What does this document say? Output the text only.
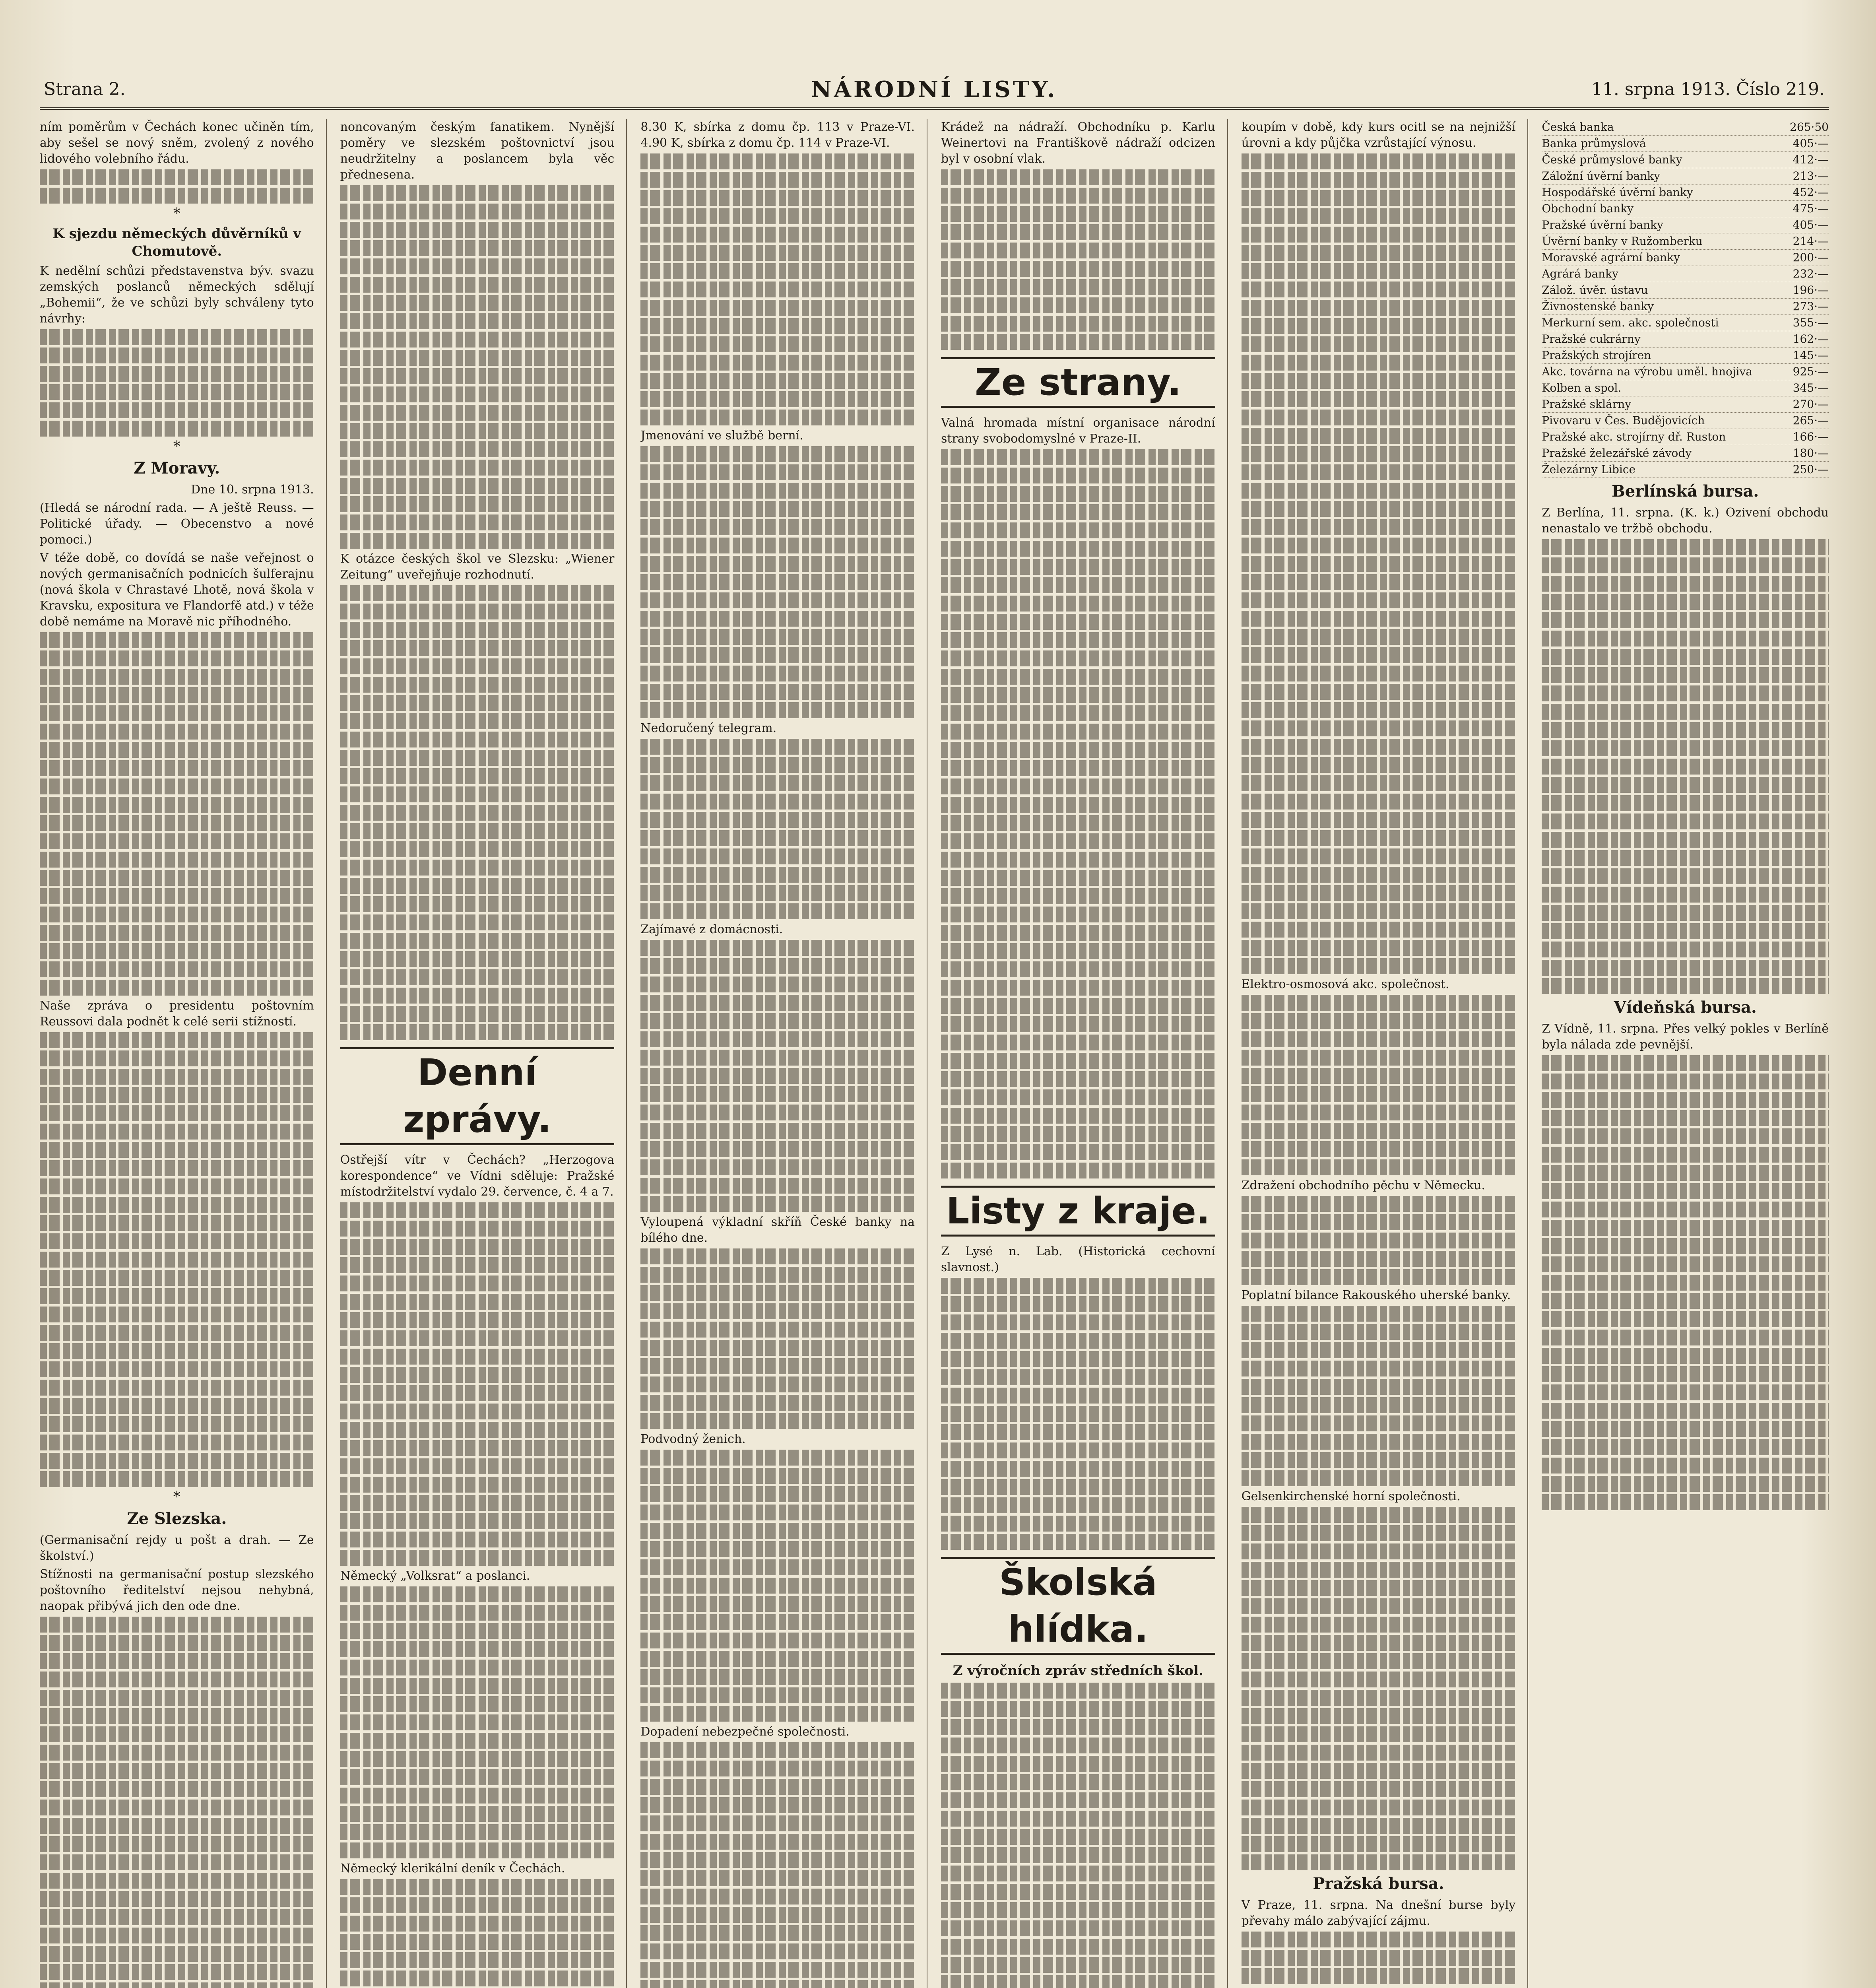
Strana 2.	NÁRODNÍ LISTY.	11. srpna 1913. Číslo 219.

ním poměrům v Čechách konec učiněn tím, aby sešel se nový sněm, zvolený z nového lidového volebního řádu.

*
K sjezdu německých důvěrníků v Chomutově.

K nedělní schůzi představenstva býv. svazu zemských poslanců německých sdělují „Bohemii“, že ve schůzi byly schváleny tyto návrhy:

*
Z Moravy.

Dne 10. srpna 1913.

(Hledá se národní rada. — A ještě Reuss. — Politické úřady. — Obecenstvo a nové pomoci.)

V téže době, co dovídá se naše veřejnost o nových germanisačních podnicích šulferajnu (nová škola v Chrastavé Lhotě, nová škola v Kravsku, expositura ve Flandorfě atd.) v téže době nemáme na Moravě nic příhodného.

Naše zpráva o presidentu poštovním Reussovi dala podnět k celé serii stížností.

*
Ze Slezska.

(Germanisační rejdy u pošt a drah. — Ze školství.)

Stížnosti na germanisační postup slezského poštovního ředitelství nejsou nehybná, naopak přibývá jich den ode dne.

noncovaným českým fanatikem. Nynější poměry ve slezském poštovnictví jsou neudržitelny a poslancem byla věc přednesena.

K otázce českých škol ve Slezsku: „Wiener Zeitung“ uveřejňuje rozhodnutí.

Denní zprávy.

Ostřejší vítr v Čechách? „Herzogova korespondence“ ve Vídni sděluje: Pražské místodržitelství vydalo 29. července, č. 4 a 7.

Německý „Volksrat“ a poslanci.

Německý klerikální deník v Čechách.

8.30 K, sbírka z domu čp. 113 v Praze-VI. 4.90 K, sbírka z domu čp. 114 v Praze-VI.

Jmenování ve službě berní.

Nedoručený telegram.

Zajímavé z domácnosti.

Vyloupená výkladní skříň České banky na bílého dne.

Podvodný ženich.

Dopadení nebezpečné společnosti.

Krádež na nádraží. Obchodníku p. Karlu Weinertovi na Františkově nádraží odcizen byl v osobní vlak.

Ze strany.

Valná hromada místní organisace národní strany svobodomyslné v Praze-II.

Listy z kraje.

Z Lysé n. Lab. (Historická cechovní slavnost.)

Školská hlídka.
Z výročních zpráv středních škol.

koupím v době, kdy kurs ocitl se na nejnižší úrovni a kdy půjčka vzrůstající výnosu.

Elektro-osmosová akc. společnost.

Zdražení obchodního pěchu v Německu.

Poplatní bilance Rakouského uherské banky.

Gelsenkirchenské horní společnosti.

Pražská bursa.

V Praze, 11. srpna. Na dnešní burse byly převahy málo zabývající zájmu.

Česká banka	265·50
Banka průmyslová	405·—
České průmyslové banky	412·—
Záložní úvěrní banky	213·—
Hospodářské úvěrní banky	452·—
Obchodní banky	475·—
Pražské úvěrní banky	405·—
Úvěrní banky v Ružomberku	214·—
Moravské agrární banky	200·—
Agrárá banky	232·—
Zálož. úvěr. ústavu	196·—
Živnostenské banky	273·—
Merkurní sem. akc. společnosti	355·—
Pražské cukrárny	162·—
Pražských strojíren	145·—
Akc. továrna na výrobu uměl. hnojiva	925·—
Kolben a spol.	345·—
Pražské sklárny	270·—
Pivovaru v Čes. Budějovicích	265·—
Pražské akc. strojírny dř. Ruston	166·—
Pražské železářské závody	180·—
Železárny Libice	250·—
Berlínská bursa.

Z Berlína, 11. srpna. (K. k.) Ozivení obchodu nenastalo ve tržbě obchodu.

Vídeňská bursa.

Z Vídně, 11. srpna. Přes velký pokles v Berlíně byla nálada zde pevnější.
